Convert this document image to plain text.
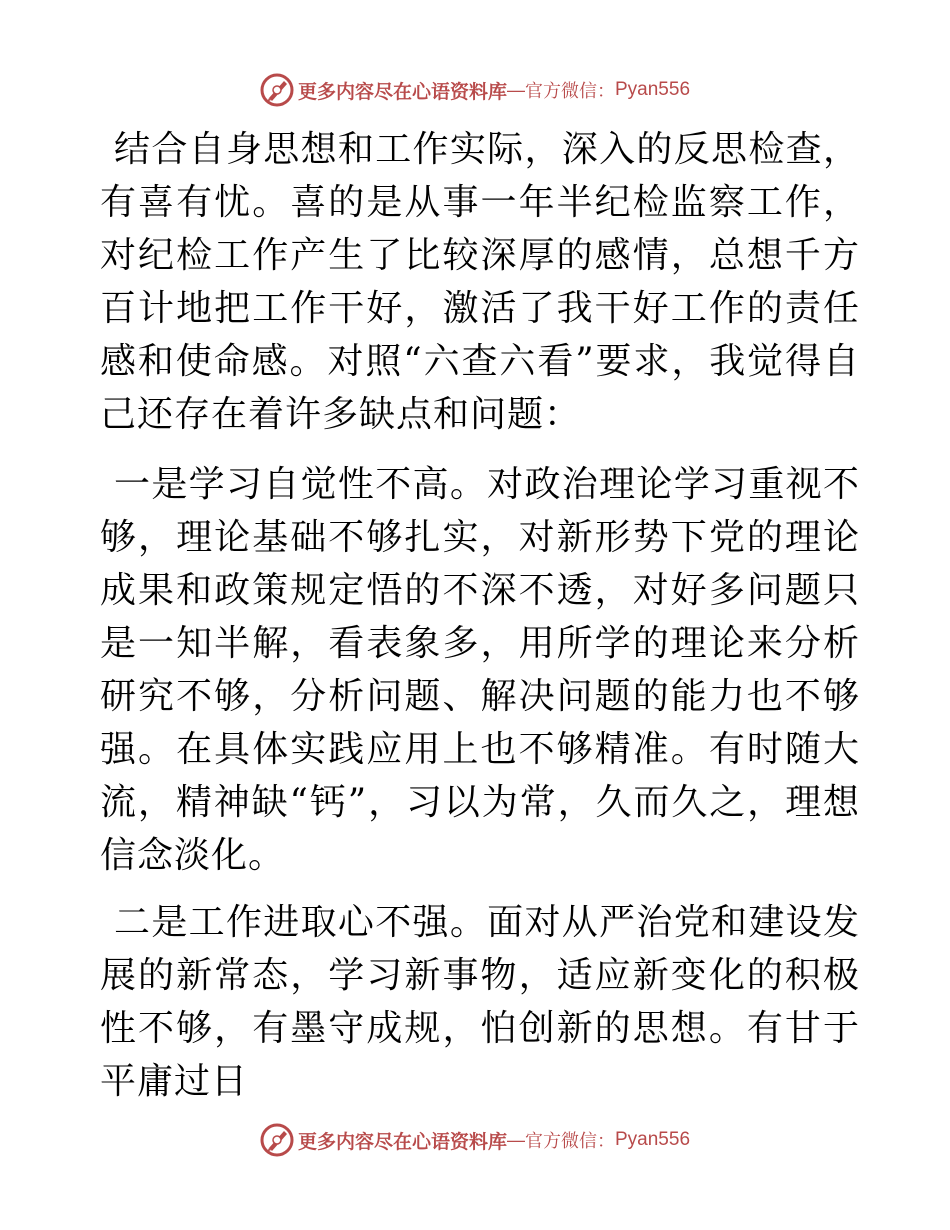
更多内容尽在心语资料库 — 官方微信： Pyan556

结合自身思想和工作实际，深入的反思检查，有喜有忧。喜的是从事一年半纪检监察工作，对纪检工作产生了比较深厚的感情，总想千方百计地把工作干好，激活了我干好工作的责任感和使命感。对照“六查六看”要求，我觉得自己还存在着许多缺点和问题：

一是学习自觉性不高。对政治理论学习重视不够，理论基础不够扎实，对新形势下党的理论成果和政策规定悟的不深不透，对好多问题只是一知半解，看表象多，用所学的理论来分析研究不够，分析问题、解决问题的能力也不够强。在具体实践应用上也不够精准。有时随大流，精神缺“钙”，习以为常，久而久之，理想信念淡化。

二是工作进取心不强。面对从严治党和建设发展的新常态，学习新事物，适应新变化的积极性不够，有墨守成规，怕创新的思想。有甘于平庸过日

更多内容尽在心语资料库 — 官方微信： Pyan556
